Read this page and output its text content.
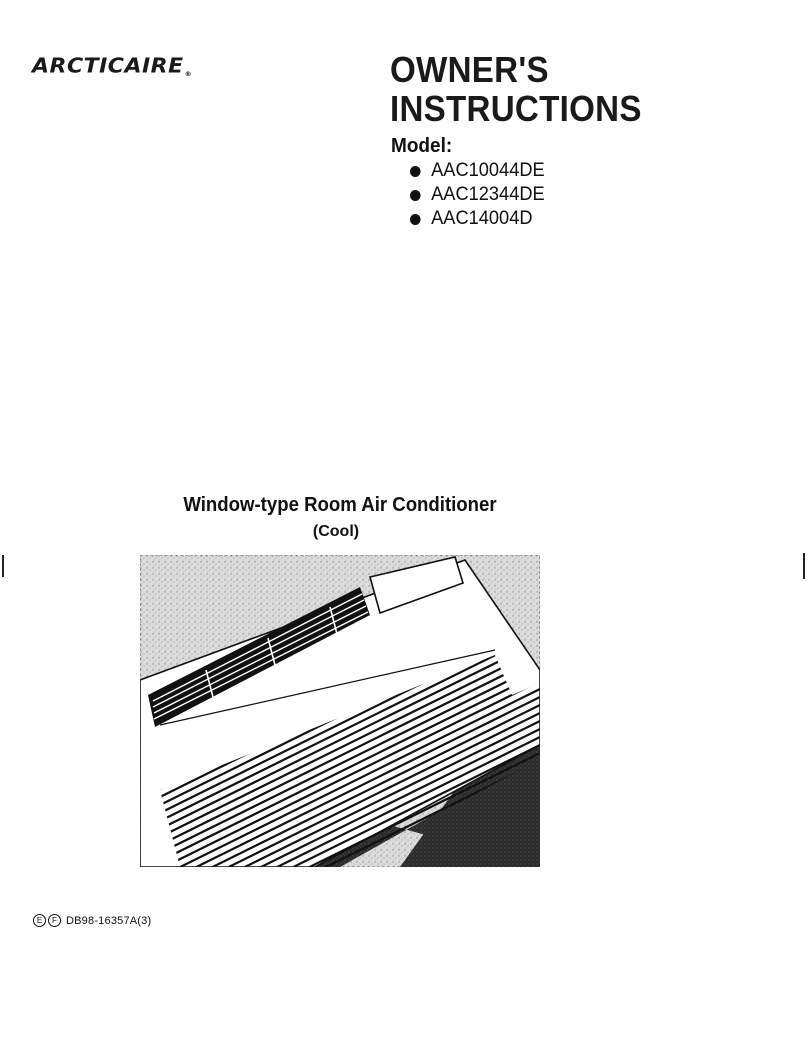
ARCTICAIRE®	OWNER'S
INSTRUCTIONS
Model:
AAC10044DE
AAC12344DE
AAC14004D
Window-type Room Air Conditioner
(Cool)
E	F DB98-16357A(3)
